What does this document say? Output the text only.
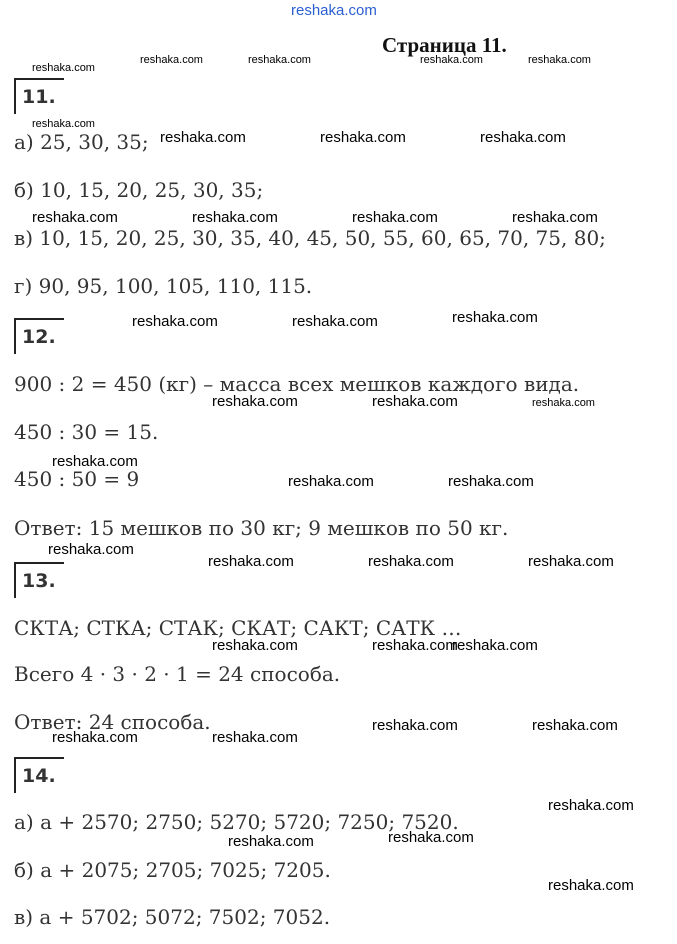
reshaka.com
Страница 11.
11.
а) 25, 30, 35;
б) 10, 15, 20, 25, 30, 35;
в) 10, 15, 20, 25, 30, 35, 40, 45, 50, 55, 60, 65, 70, 75, 80;
г) 90, 95, 100, 105, 110, 115.
12.
900 : 2 = 450 (кг) – масса всех мешков каждого вида.
450 : 30 = 15.
450 : 50 = 9
Ответ: 15 мешков по 30 кг; 9 мешков по 50 кг.
13.
СКТА; СТКА; СТАК; СКАТ; САКТ; САТК …
Всего 4 · 3 · 2 · 1 = 24 способа.
Ответ: 24 способа.
14.
а) a + 2570; 2750; 5270; 5720; 7250; 7520.
б) a + 2075; 2705; 7025; 7205.
в) a + 5702; 5072; 7502; 7052.
reshaka.com
reshaka.com	reshaka.com	reshaka.com	reshaka.com
reshaka.com
reshaka.com	reshaka.com	reshaka.com
reshaka.com	reshaka.com	reshaka.com	reshaka.com
reshaka.com	reshaka.com	reshaka.com
reshaka.com	reshaka.com	reshaka.com
reshaka.com
reshaka.com	reshaka.com
reshaka.com
reshaka.com	reshaka.com	reshaka.com
reshaka.com	reshaka.com
reshaka.com
reshaka.com	reshaka.com
reshaka.com	reshaka.com
reshaka.com
reshaka.com	reshaka.com
reshaka.com
